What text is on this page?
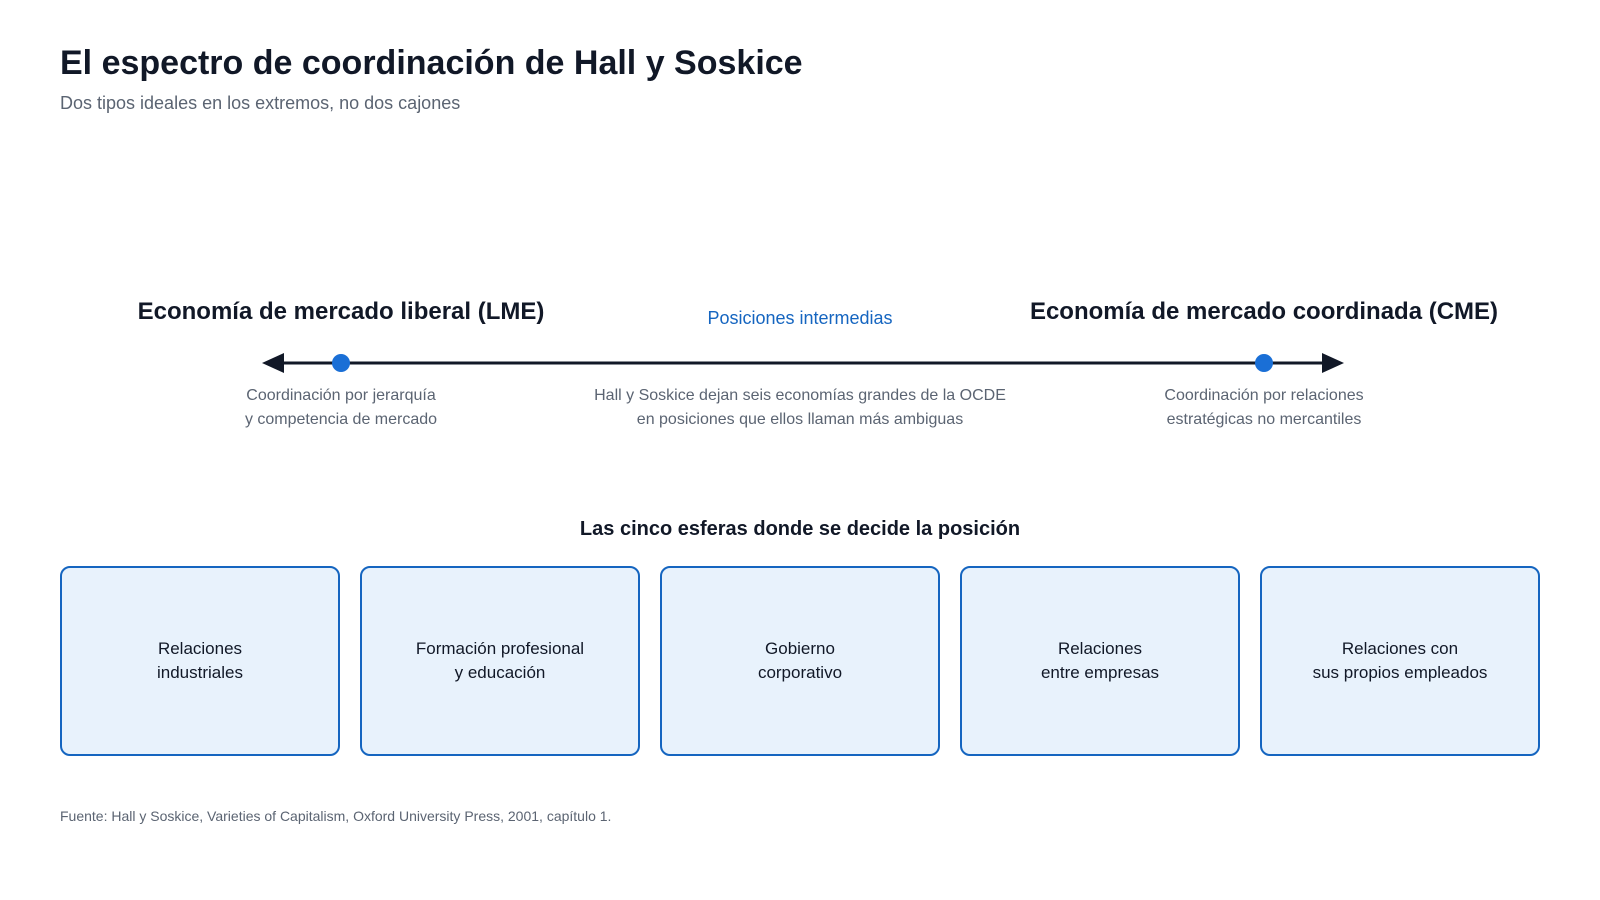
El espectro de coordinación de Hall y Soskice

Dos tipos ideales en los extremos, no dos cajones

Economía de mercado liberal (LME)	Posiciones intermedias	Economía de mercado coordinada (CME)
Coordinación por jerarquía
y competencia de mercado
Hall y Soskice dejan seis economías grandes de la OCDE
en posiciones que ellos llaman más ambiguas
Coordinación por relaciones
estratégicas no mercantiles
Las cinco esferas donde se decide la posición
Relaciones
industriales
Formación profesional
y educación
Gobierno
corporativo
Relaciones
entre empresas
Relaciones con
sus propios empleados

Fuente: Hall y Soskice, Varieties of Capitalism, Oxford University Press, 2001, capítulo 1.
